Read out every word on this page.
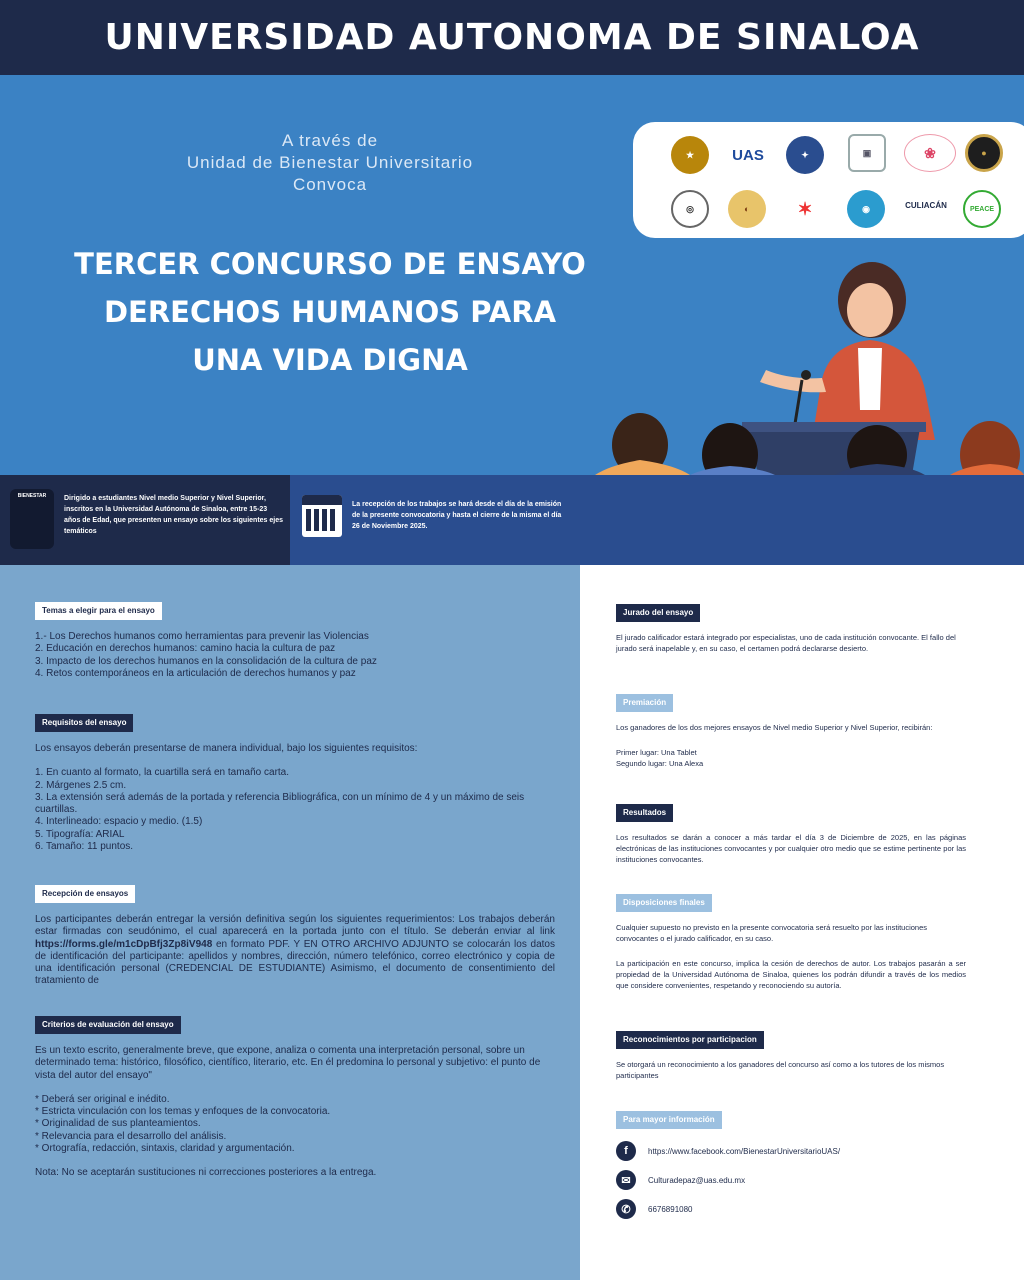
UNIVERSIDAD AUTONOMA DE SINALOA
A través de
Unidad de Bienestar Universitario
Convoca
TERCER CONCURSO DE ENSAYO
DERECHOS HUMANOS PARA
UNA VIDA DIGNA
★	UAS	✦	▣	❀	●
◎	◐	✶	◉	CULIACÁN	PEACE
BIENESTAR	Dirigido a estudiantes Nivel medio Superior y Nivel Superior, inscritos en la Universidad Autónoma de Sinaloa, entre 15-23 años de Edad, que presenten un ensayo sobre los siguientes ejes temáticos
La recepción de los trabajos se hará desde el día de la emisión de la presente convocatoria y hasta el cierre de la misma el día 26 de Noviembre 2025.
Temas a elegir para el ensayo

1.- Los Derechos humanos como herramientas para prevenir las Violencias

2. Educación en derechos humanos: camino hacia la cultura de paz

3. Impacto de los derechos humanos en la consolidación de la cultura de paz

4. Retos contemporáneos en la articulación de derechos humanos y paz

Requisitos del ensayo

Los ensayos deberán presentarse de manera individual, bajo los siguientes requisitos:

1. En cuanto al formato, la cuartilla será en tamaño carta.

2. Márgenes 2.5 cm.

3. La extensión será además de la portada y referencia Bibliográfica, con un mínimo de 4 y un máximo de seis cuartillas.

4. Interlineado: espacio y medio. (1.5)

5. Tipografía: ARIAL

6. Tamaño: 11 puntos.

Recepción de ensayos
Los participantes deberán entregar la versión definitiva según los siguientes requerimientos: Los trabajos deberán estar firmadas con seudónimo, el cual aparecerá en la portada junto con el título. Se deberán enviar al link https://forms.gle/m1cDpBfj3Zp8iV948 en formato PDF. Y EN OTRO ARCHIVO ADJUNTO se colocarán los datos de identificación del participante: apellidos y nombres, dirección, número telefónico, correo electrónico y copia de una identificación personal (CREDENCIAL DE ESTUDIANTE) Asimismo, el documento de consentimiento del tratamiento de
Criterios de evaluación del ensayo

Es un texto escrito, generalmente breve, que expone, analiza o comenta una interpretación personal, sobre un determinado tema: histórico, filosófico, científico, literario, etc. En él predomina lo personal y subjetivo: el punto de vista del autor del ensayo"

* Deberá ser original e inédito.

* Estricta vinculación con los temas y enfoques de la convocatoria.

* Originalidad de sus planteamientos.

* Relevancia para el desarrollo del análisis.

* Ortografía, redacción, sintaxis, claridad y argumentación.

Nota: No se aceptarán sustituciones ni correcciones posteriores a la entrega.

Jurado del ensayo
El jurado calificador estará integrado por especialistas, uno de cada institución convocante. El fallo del jurado será inapelable y, en su caso, el certamen podrá declararse desierto.
Premiación

Los ganadores de los dos mejores ensayos de Nivel medio Superior y Nivel Superior, recibirán:

Primer lugar: Una Tablet

Segundo lugar: Una Alexa

Resultados
Los resultados se darán a conocer a más tardar el día 3 de Diciembre de 2025, en las páginas electrónicas de las instituciones convocantes y por cualquier otro medio que se estime pertinente por las instituciones convocantes.
Disposiciones finales

Cualquier supuesto no previsto en la presente convocatoria será resuelto por las instituciones convocantes o el jurado calificador, en su caso.

La participación en este concurso, implica la cesión de derechos de autor. Los trabajos pasarán a ser propiedad de la Universidad Autónoma de Sinaloa, quienes los podrán difundir a través de los medios que considere convenientes, respetando y reconociendo su autoría.

Reconocimientos por participacion
Se otorgará un reconocimiento a los ganadores del concurso así como a los tutores de los mismos participantes
Para mayor información
f	https://www.facebook.com/BienestarUniversitarioUAS/
✉	Culturadepaz@uas.edu.mx
✆	6676891080
